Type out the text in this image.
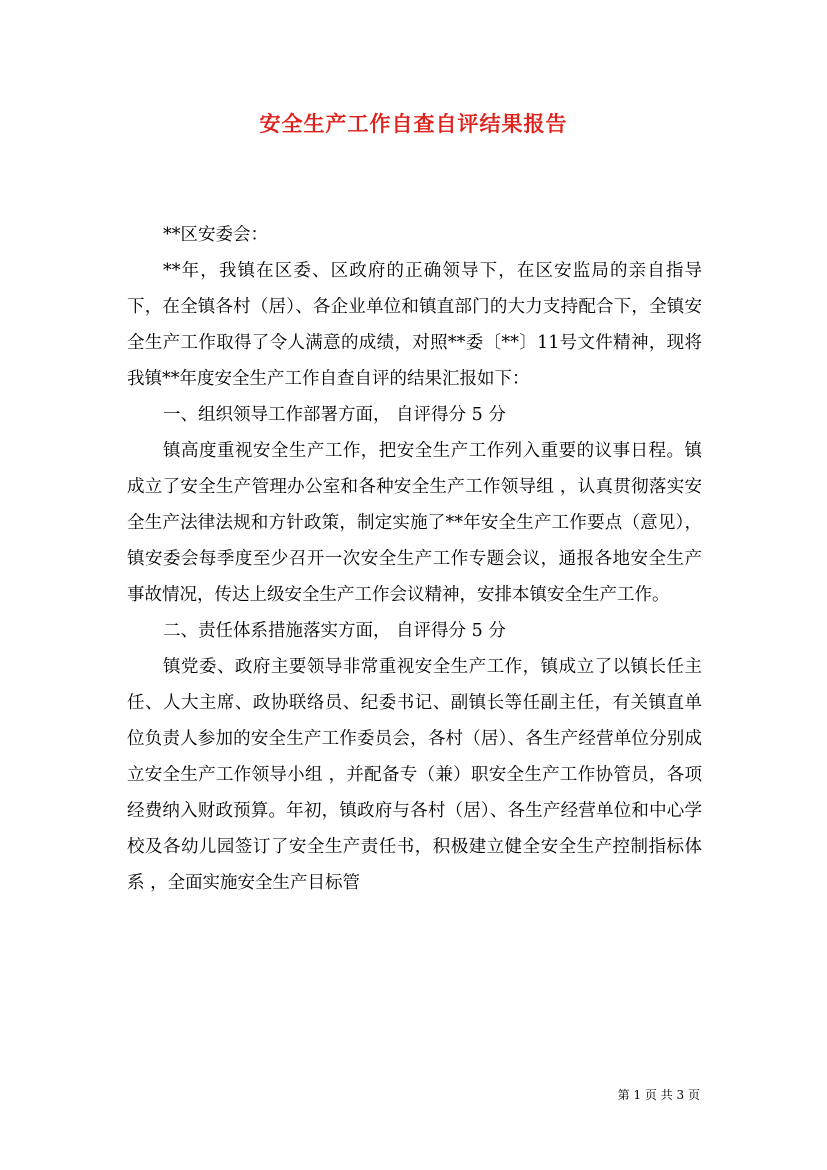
安全生产工作自查自评结果报告

**区安委会：

**年，我镇在区委、区政府的正确领导下，在区安监局的亲自指导下，在全镇各村（居）、各企业单位和镇直部门的大力支持配合下，全镇安全生产工作取得了令人满意的成绩，对照**委〔**〕11号文件精神，现将我镇**年度安全生产工作自查自评的结果汇报如下：

一、组织领导工作部署方面， 自评得分 5 分

镇高度重视安全生产工作，把安全生产工作列入重要的议事日程。镇成立了安全生产管理办公室和各种安全生产工作领导组 ，认真贯彻落实安全生产法律法规和方针政策，制定实施了**年安全生产工作要点（意见），镇安委会每季度至少召开一次安全生产工作专题会议，通报各地安全生产事故情况，传达上级安全生产工作会议精神，安排本镇安全生产工作。

二、责任体系措施落实方面， 自评得分 5 分

镇党委、政府主要领导非常重视安全生产工作，镇成立了以镇长任主任、人大主席、政协联络员、纪委书记、副镇长等任副主任，有关镇直单位负责人参加的安全生产工作委员会，各村（居）、各生产经营单位分别成立安全生产工作领导小组 ，并配备专（兼）职安全生产工作协管员，各项经费纳入财政预算。年初，镇政府与各村（居）、各生产经营单位和中心学校及各幼儿园签订了安全生产责任书，积极建立健全安全生产控制指标体系 ，全面实施安全生产目标管

第 1 页 共 3 页
